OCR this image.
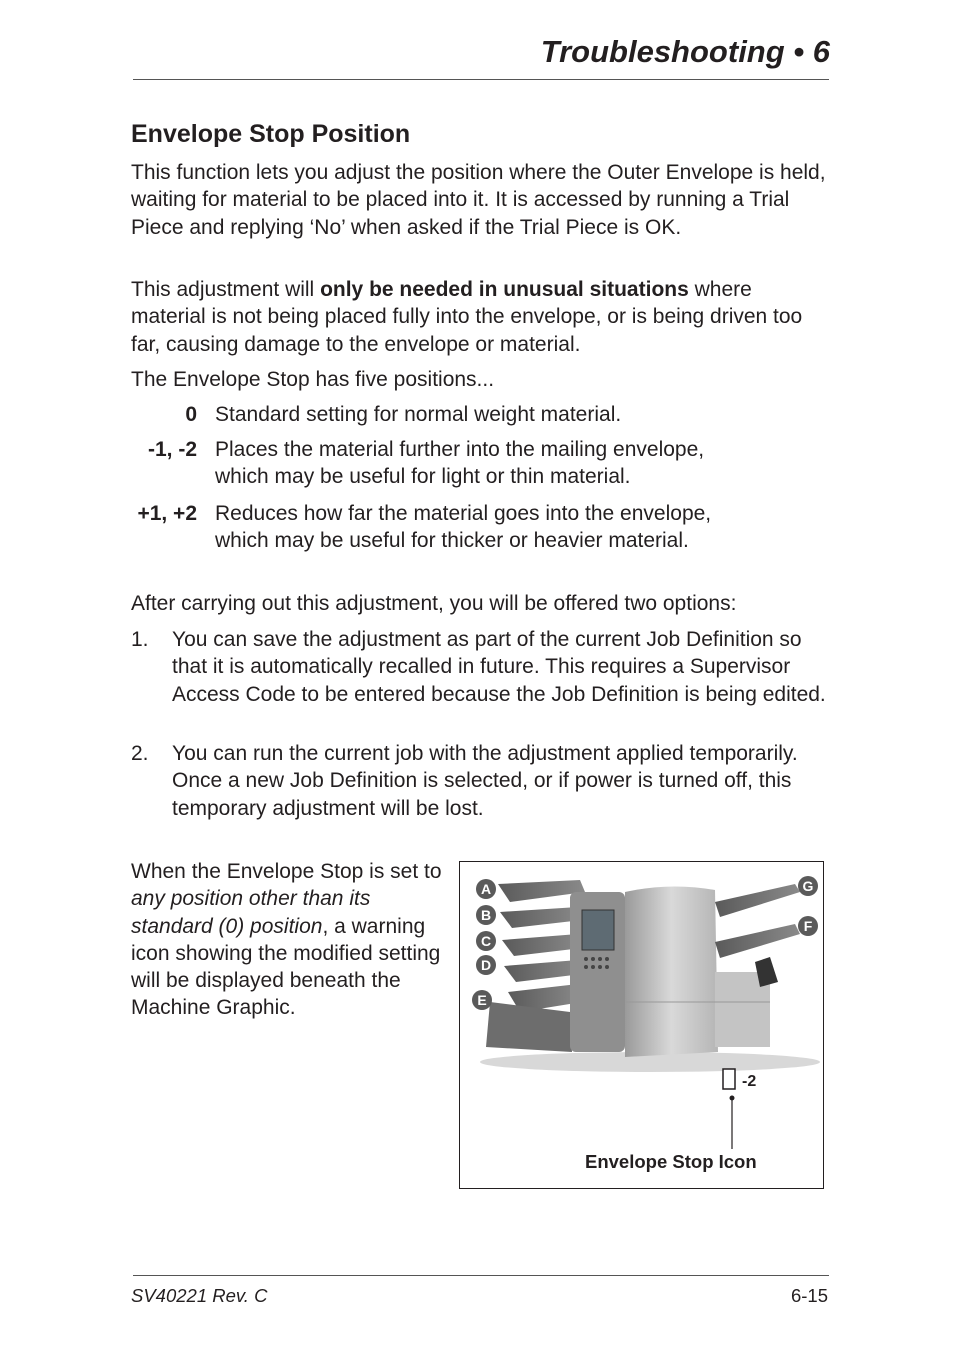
Troubleshooting • 6
Envelope Stop Position
This function lets you adjust the position where the Outer Envelope is held, waiting for material to be placed into it. It is accessed by running a Trial Piece and replying ‘No’ when asked if the Trial Piece is OK.
This adjustment will only be needed in unusual situations where material is not being placed fully into the envelope, or is being driven too far, causing damage to the envelope or material.
The Envelope Stop has five positions...
0 Standard setting for normal weight material.
-1, -2 Places the material further into the mailing envelope, which may be useful for light or thin material.
+1, +2 Reduces how far the material goes into the envelope, which may be useful for thicker or heavier material.
After carrying out this adjustment, you will be offered two options:
1. You can save the adjustment as part of the current Job Definition so that it is automatically recalled in future. This requires a Supervisor Access Code to be entered because the Job Definition is being edited.
2. You can run the current job with the adjustment applied temporarily. Once a new Job Definition is selected, or if power is turned off, this temporary adjustment will be lost.
When the Envelope Stop is set to any position other than its standard (0) position, a warning icon showing the modified setting will be displayed beneath the Machine Graphic.
A
B
C
D
E
G
F
-2
Envelope Stop Icon
SV40221 Rev. C	6-15
